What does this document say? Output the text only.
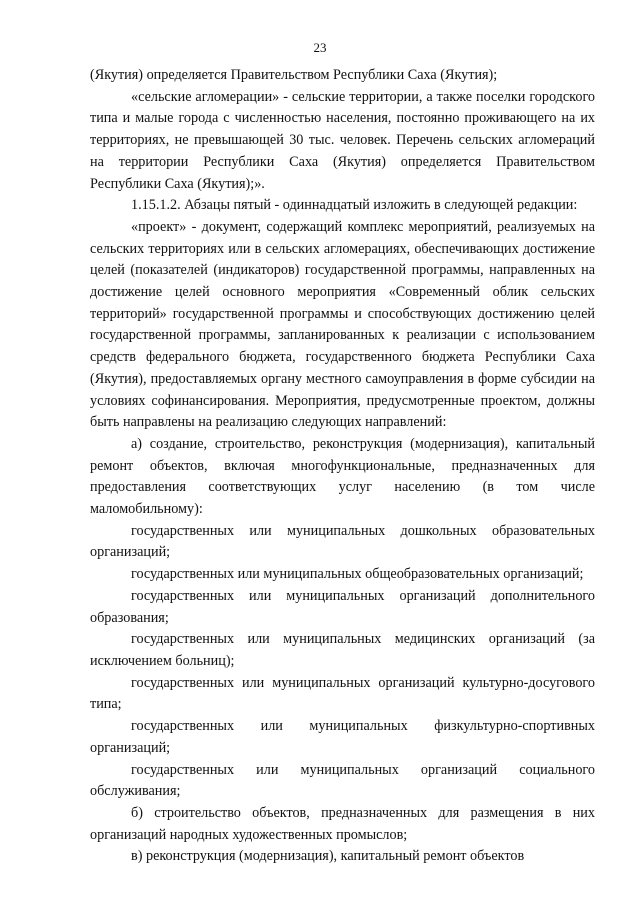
23

(Якутия) определяется Правительством Республики Саха (Якутия);

«сельские агломерации» - сельские территории, а также поселки городского типа и малые города с численностью населения, постоянно проживающего на их территориях, не превышающей 30 тыс. человек. Перечень сельских агломераций на территории Республики Саха (Якутия) определяется Правительством Республики Саха (Якутия);».

1.15.1.2. Абзацы пятый - одиннадцатый изложить в следующей редакции:

«проект» - документ, содержащий комплекс мероприятий, реализуемых на сельских территориях или в сельских агломерациях, обеспечивающих достижение целей (показателей (индикаторов) государственной программы, направленных на достижение целей основного мероприятия «Современный облик сельских территорий» государственной программы и способствующих достижению целей государственной программы, запланированных к реализации с использованием средств федерального бюджета, государственного бюджета Республики Саха (Якутия), предоставляемых органу местного самоуправления в форме субсидии на условиях софинансирования. Мероприятия, предусмотренные проектом, должны быть направлены на реализацию следующих направлений:

а) создание, строительство, реконструкция (модернизация), капитальный ремонт объектов, включая многофункциональные, предназначенных для предоставления соответствующих услуг населению (в том числе маломобильному):

государственных или муниципальных дошкольных образовательных организаций;

государственных или муниципальных общеобразовательных организаций;

государственных или муниципальных организаций дополнительного образования;

государственных или муниципальных медицинских организаций (за исключением больниц);

государственных или муниципальных организаций культурно-досугового типа;

государственных или муниципальных физкультурно-спортивных организаций;

государственных или муниципальных организаций социального обслуживания;

б) строительство объектов, предназначенных для размещения в них организаций народных художественных промыслов;

в) реконструкция (модернизация), капитальный ремонт объектов
